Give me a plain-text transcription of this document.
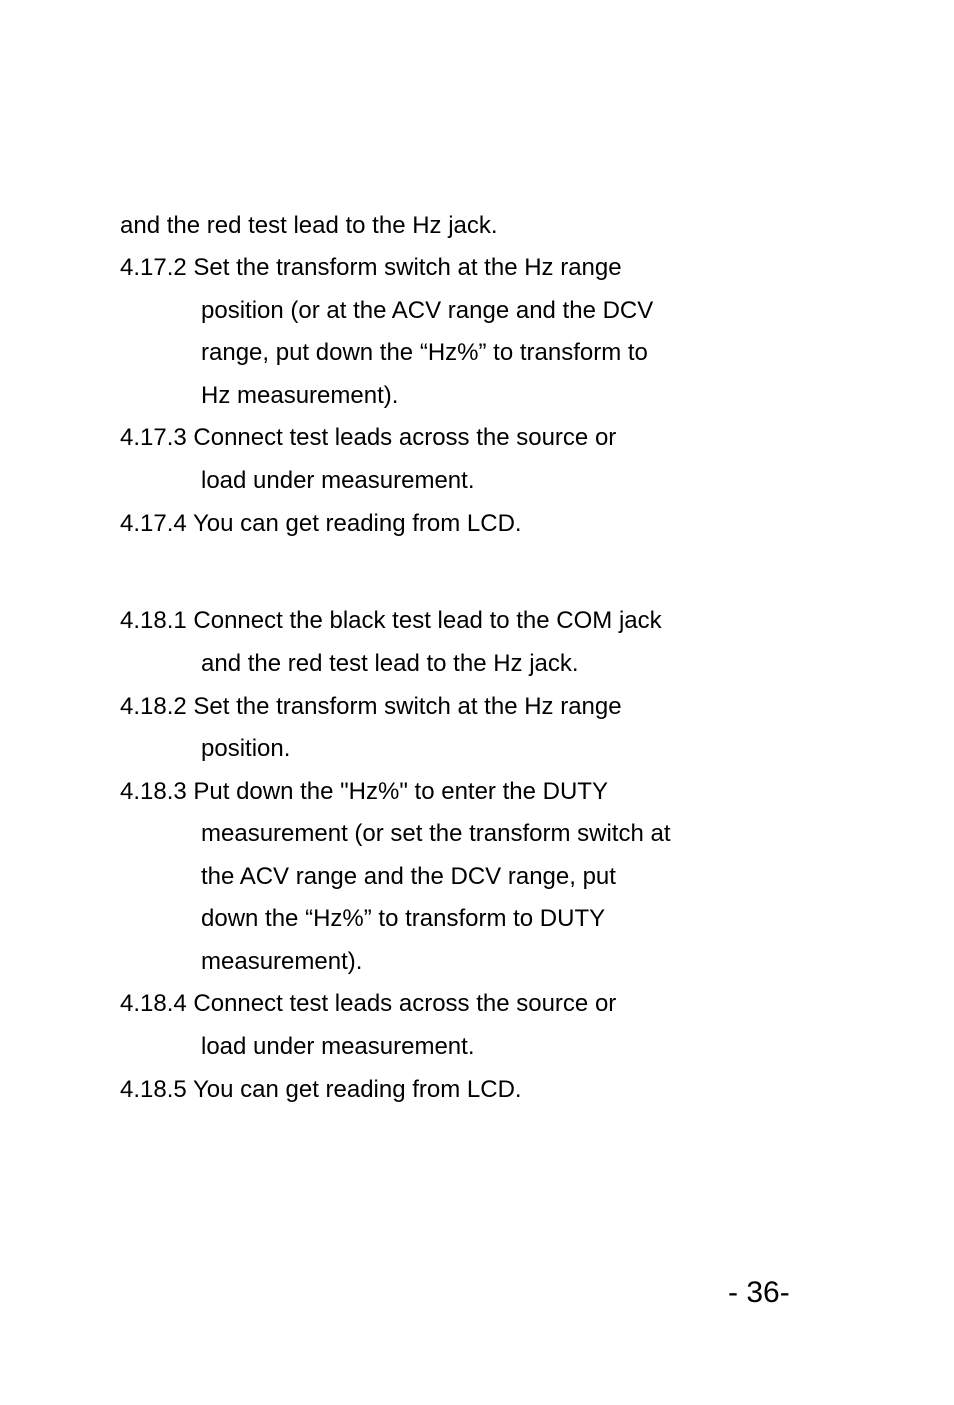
and the red test lead to the Hz jack.
4.17.2 Set the transform switch at the Hz range
position (or at the ACV range and the DCV
range, put down the “Hz%” to transform to
Hz measurement).
4.17.3 Connect test leads across the source or
load under measurement.
4.17.4 You can get reading from LCD.
4.18.1 Connect the black test lead to the COM jack
and the red test lead to the Hz jack.
4.18.2 Set the transform switch at the Hz range
position.
4.18.3 Put down the "Hz%" to enter the DUTY
measurement (or set the transform switch at
the ACV range and the DCV range, put
down the “Hz%” to transform to DUTY
measurement).
4.18.4 Connect test leads across the source or
load under measurement.
4.18.5 You can get reading from LCD.
- 36-
